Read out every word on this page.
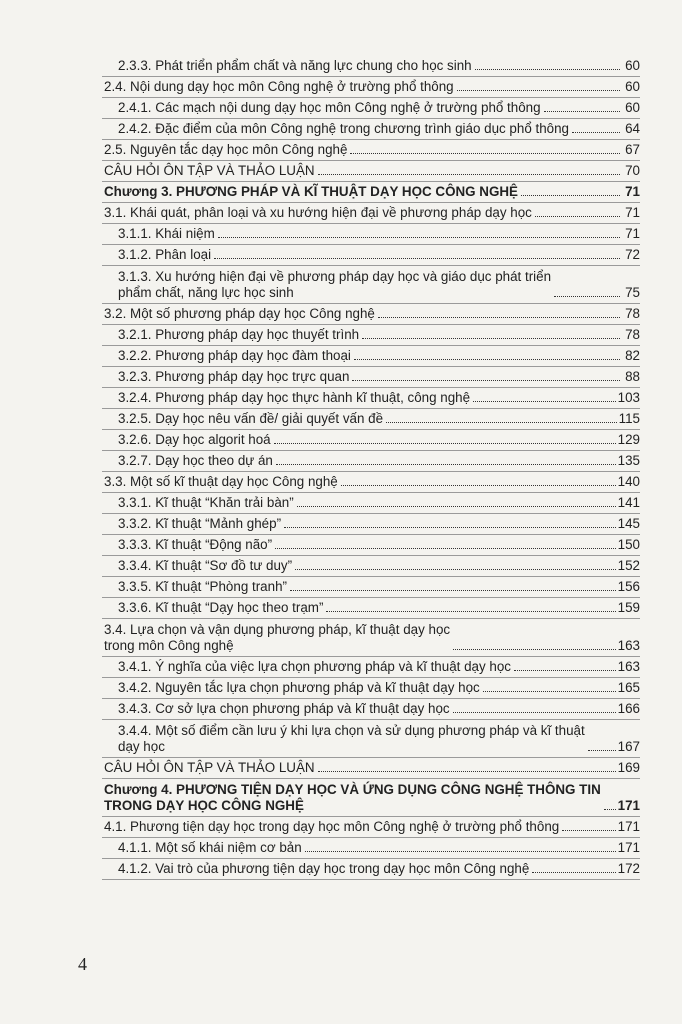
2.3.3. Phát triển phẩm chất và năng lực chung cho học sinh	60
2.4. Nội dung dạy học môn Công nghệ ở trường phổ thông	60
2.4.1. Các mạch nội dung dạy học môn Công nghệ ở trường phổ thông	60
2.4.2. Đặc điểm của môn Công nghệ trong chương trình giáo dục phổ thông	64
2.5. Nguyên tắc dạy học môn Công nghệ	67
CÂU HỎI ÔN TẬP VÀ THẢO LUẬN	70
Chương 3. PHƯƠNG PHÁP VÀ KĨ THUẬT DẠY HỌC CÔNG NGHỆ	71
3.1. Khái quát, phân loại và xu hướng hiện đại về phương pháp dạy học	71
3.1.1. Khái niệm	71
3.1.2. Phân loại	72
3.1.3. Xu hướng hiện đại về phương pháp dạy học và giáo dục phát triển
phẩm chất, năng lực học sinh	75
3.2. Một số phương pháp dạy học Công nghệ	78
3.2.1. Phương pháp dạy học thuyết trình	78
3.2.2. Phương pháp dạy học đàm thoại	82
3.2.3. Phương pháp dạy học trực quan	88
3.2.4. Phương pháp dạy học thực hành kĩ thuật, công nghệ	103
3.2.5. Dạy học nêu vấn đề/ giải quyết vấn đề	115
3.2.6. Dạy học algorit hoá	129
3.2.7. Dạy học theo dự án	135
3.3. Một số kĩ thuật dạy học Công nghệ	140
3.3.1. Kĩ thuật “Khăn trải bàn”	141
3.3.2. Kĩ thuật “Mảnh ghép”	145
3.3.3. Kĩ thuật “Động não”	150
3.3.4. Kĩ thuật “Sơ đồ tư duy”	152
3.3.5. Kĩ thuật “Phòng tranh”	156
3.3.6. Kĩ thuật “Dạy học theo trạm”	159
3.4. Lựa chọn và vận dụng phương pháp, kĩ thuật dạy học
trong môn Công nghệ	163
3.4.1. Ý nghĩa của việc lựa chọn phương pháp và kĩ thuật dạy học	163
3.4.2. Nguyên tắc lựa chọn phương pháp và kĩ thuật dạy học	165
3.4.3. Cơ sở lựa chọn phương pháp và kĩ thuật dạy học	166
3.4.4. Một số điểm cần lưu ý khi lựa chọn và sử dụng phương pháp và kĩ thuật
dạy học	167
CÂU HỎI ÔN TẬP VÀ THẢO LUẬN	169
Chương 4. PHƯƠNG TIỆN DẠY HỌC VÀ ỨNG DỤNG CÔNG NGHỆ THÔNG TIN
TRONG DẠY HỌC CÔNG NGHỆ	171
4.1. Phương tiện dạy học trong dạy học môn Công nghệ ở trường phổ thông	171
4.1.1. Một số khái niệm cơ bản	171
4.1.2. Vai trò của phương tiện dạy học trong dạy học môn Công nghệ	172
4
